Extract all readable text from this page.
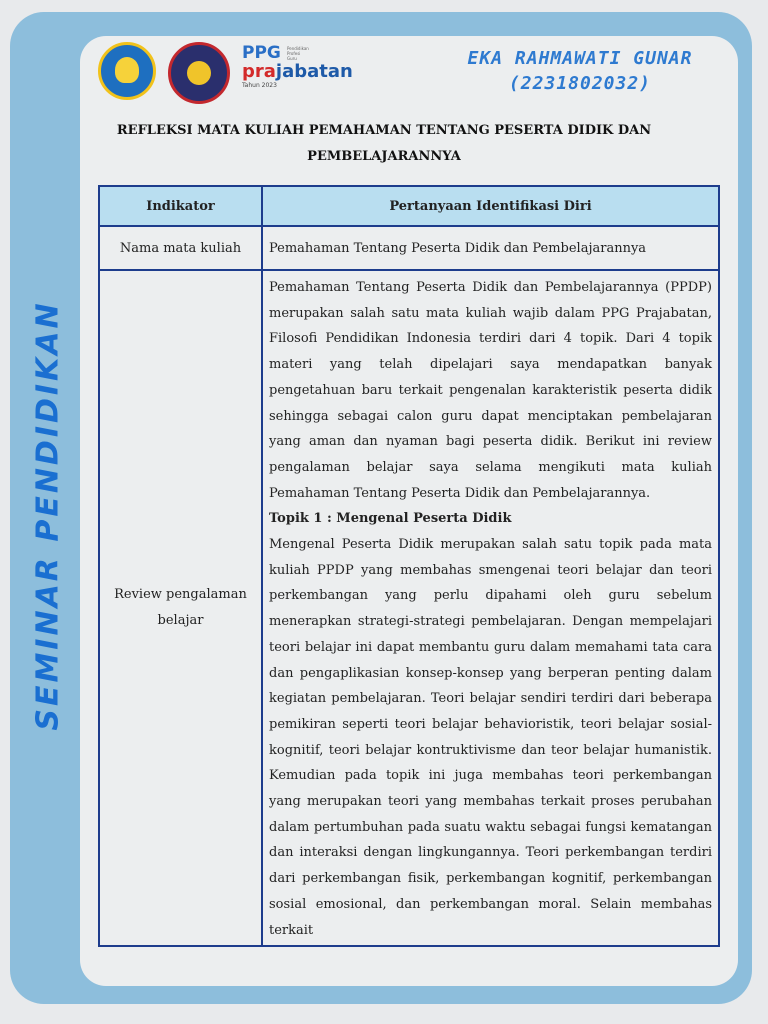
SEMINAR PENDIDIKAN
PPG	Pendidikan Profesi Guru
prajabatan
Tahun 2023
EKA RAHMAWATI GUNAR
(2231802032)
REFLEKSI MATA KULIAH PEMAHAMAN TENTANG PESERTA DIDIK DAN
PEMBELAJARANNYA
Indikator	Pertanyaan Identifikasi Diri
Nama mata kuliah	Pemahaman Tentang Peserta Didik dan Pembelajarannya
Review pengalaman belajar	Pemahaman Tentang Peserta Didik dan Pembelajarannya (PPDP) merupakan salah satu mata kuliah wajib dalam PPG Prajabatan, Filosofi Pendidikan Indonesia terdiri dari 4 topik. Dari 4 topik materi yang telah dipelajari saya mendapatkan banyak pengetahuan baru terkait pengenalan karakteristik peserta didik sehingga sebagai calon guru dapat menciptakan pembelajaran yang aman dan nyaman bagi peserta didik. Berikut ini review pengalaman belajar saya selama mengikuti mata kuliah Pemahaman Tentang Peserta Didik dan Pembelajarannya.

Topik 1 : Mengenal Peserta Didik

Mengenal Peserta Didik merupakan salah satu topik pada mata kuliah PPDP yang membahas smengenai teori belajar dan teori perkembangan yang perlu dipahami oleh guru sebelum menerapkan strategi-strategi pembelajaran. Dengan mempelajari teori belajar ini dapat membantu guru dalam memahami tata cara dan pengaplikasian konsep-konsep yang berperan penting dalam kegiatan pembelajaran. Teori belajar sendiri terdiri dari beberapa pemikiran seperti teori belajar behavioristik, teori belajar sosial-kognitif, teori belajar kontruktivisme dan teor belajar humanistik. Kemudian pada topik ini juga membahas teori perkembangan yang merupakan teori yang membahas terkait proses perubahan dalam pertumbuhan pada suatu waktu sebagai fungsi kematangan dan interaksi dengan lingkungannya. Teori perkembangan terdiri dari perkembangan fisik, perkembangan kognitif, perkembangan sosial emosional, dan perkembangan moral. Selain membahas terkait
